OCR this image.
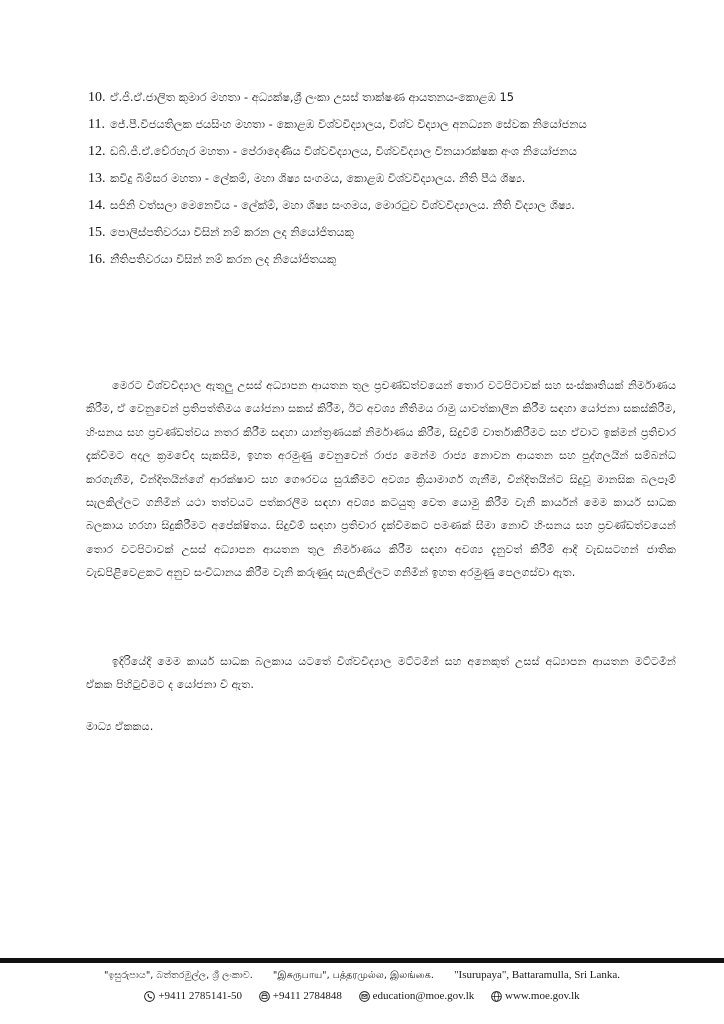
10. ඒ.ජී.ඒ.ජාලිත කුමාර මහතා - අධ්‍යක්ෂ,ශ්‍රී ලංකා උසස් තාක්ෂණ ආයතනය-කොළඹ 15
11. ජේ.පී.විජයතිලක ජයසිංහ මහතා - කොළඹ විශ්වවිද්‍යාලය, විශ්ව විද්‍යාල අනධ්‍යන සේවක නියෝජනය
12. ඩබ්.ජී.ඒ.වේරහැර මහතා - පේරාදෙණිය විශ්වවිද්‍යාලය, විශ්වවිද්‍යාල විනයාරක්ෂක අංශ නියෝජනය
13. කවිදු බිම්සර මහතා - ලේකම්, මහා ශිෂ්‍ය සංගමය, කොළඹ විශ්වවිද්‍යාලය. නීති පීඨ ශිෂ්‍ය.
14. සජිනි වත්සලා මෙනෙවිය - ලේක්ම්, මහා ශිෂ්‍ය සංගමය, මොරටුව විශ්වවිද්‍යාලය. නීති විද්‍යාල ශිෂ්‍ය.
15. පොලිස්පතිවරයා විසින් නම් කරන ලද නියෝජිතයකු
16. නීතිපතිවරයා විසින් නම් කරන ලද නියෝජිතයකු

මෙරට විශ්වවිද්‍යාල ඇතුලු උසස් අධ්‍යාපන ආයතන තුල ප්‍රචණ්ඩත්වයෙන් තොර වටපිටාවක් සහ සංස්කෘතියක් නිර්මාණය කිරීම, ඒ වෙනුවෙන් ප්‍රතිපත්තිමය යෝජනා සකස් කිරීම, ඊට අවශ්‍ය නීතිමය රාමු යාවත්කාලීන කිරීම සඳහා යෝජනා සකස්කිරීම, හිංසනය සහ ප්‍රචණ්ඩත්වය නතර කිරීම සඳහා යාන්ත්‍රණයක් නිර්මාණය කිරීම, සිදුවීම් වාර්තාකිරීමට සහ ඒවාට ඉක්මන් ප්‍රතිචාර දැක්වීමට අදාල ක්‍රමවේද සැකසීම, ඉහත අරමුණු වෙනුවෙන් රාජ්‍ය මෙන්ම රාජ්‍ය නොවන ආයතන සහ පුද්ගලයින් සම්බන්ධ කරගැනීම, වින්දිතයින්ගේ ආරක්ෂාව සහ ගෞරවය සුරැකීමට අවශ්‍ය ක්‍රියාමාර්ග ගැනීම, වින්දිතයින්ට සිදුවූ මානසික බලපෑම් සැලකිල්ලට ගනිමින් යථා තත්වයට පත්කරලීම සඳහා අවශ්‍ය කටයුතු වෙත යොමු කිරීම වැනි කාර්යන් මෙම කාර්ය සාධක බලකාය හරහා සිදුකිරීමට අපේක්ෂිතය. සිදුවීම් සඳහා ප්‍රතිචාර දැක්වීමකට පමණක් සීමා නොවී හිංසනය සහ ප්‍රචණ්ඩත්වයෙන් තොර වටපිටාවක් උසස් අධ්‍යාපන ආයතන තුල නිර්මාණය කිරීම සඳහා අවශ්‍ය දැනුවත් කිරීම් ආදී වැඩසටහන් ජාතික වැඩපිළිවෙළකට අනුව සංවිධානය කිරීම වැනි කරුණුද සැලකිල්ලට ගනිමින් ඉහත අරමුණු පෙලගස්වා ඇත.

ඉදිරියේදී මෙම කාර්ය සාධක බලකාය යටතේ විශ්වවිද්‍යාල මට්ටමින් සහ අනෙකුත් උසස් අධ්‍යාපන ආයතන මට්ටමින් ඒකක පිහිටුවීමට ද යෝජනා වී ඇත.

මාධ්‍ය ඒකකය.

"ඉසුරුපාය", බත්තරමුල්ල, ශ්‍රී ලංකාව. "இசுருபாய", பத்தரமுல்ல, இலங்கை. "Isurupaya", Battaramulla, Sri Lanka.
+9411 2785141-50
	+9411 2784848
	education@moe.gov.lk
	www.moe.gov.lk
